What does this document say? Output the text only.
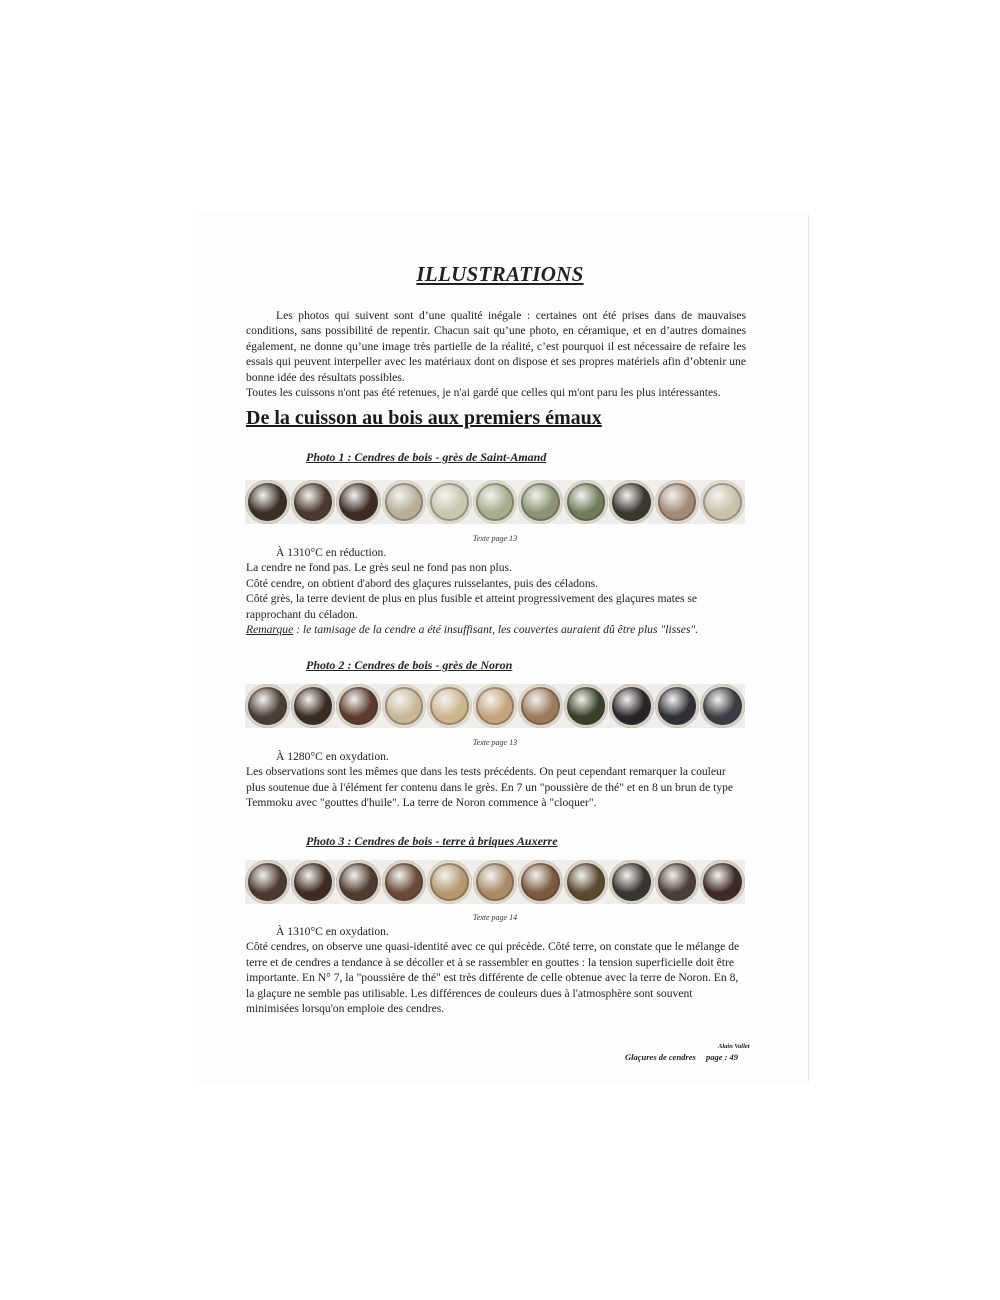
ILLUSTRATIONS

Les photos qui suivent sont d’une qualité inégale : certaines ont été prises dans de mauvaises conditions, sans possibilité de repentir. Chacun sait qu’une photo, en céramique, et en d’autres domaines également, ne donne qu’une image très partielle de la réalité, c’est pourquoi il est nécessaire de refaire les essais qui peuvent interpeller avec les matériaux dont on dispose et ses propres matériels afin d’obtenir une bonne idée des résultats possibles.

Toutes les cuissons n'ont pas été retenues, je n'ai gardé que celles qui m'ont paru les plus intéressantes.

De la cuisson au bois aux premiers émaux
Photo 1 : Cendres de bois - grès de Saint-Amand
Texte page 13

À 1310°C en réduction.

La cendre ne fond pas. Le grès seul ne fond pas non plus.

Côté cendre, on obtient d'abord des glaçures ruisselantes, puis des céladons.

Côté grès, la terre devient de plus en plus fusible et atteint progressivement des glaçures mates se rapprochant du céladon.

Remarque : le tamisage de la cendre a été insuffisant, les couvertes auraient dû être plus "lisses".

Photo 2 : Cendres de bois - grès de Noron
Texte page 13

À 1280°C en oxydation.

Les observations sont les mêmes que dans les tests précédents. On peut cependant remarquer la couleur plus soutenue due à l'élément fer contenu dans le grès. En 7 un "poussière de thé" et en 8 un brun de type Temmoku avec "gouttes d'huile". La terre de Noron commence à "cloquer".

Photo 3 : Cendres de bois - terre à briques Auxerre
Texte page 14

À 1310°C en oxydation.

Côté cendres, on observe une quasi-identité avec ce qui précède. Côté terre, on constate que le mélange de terre et de cendres a tendance à se décoller et à se rassembler en gouttes : la tension superficielle doit être importante. En N° 7, la "poussière de thé" est très différente de celle obtenue avec la terre de Noron. En 8, la glaçure ne semble pas utilisable. Les différences de couleurs dues à l'atmosphère sont souvent minimisées lorsqu'on emploie des cendres.

Alain Vallet
Glaçures de cendres page : 49
